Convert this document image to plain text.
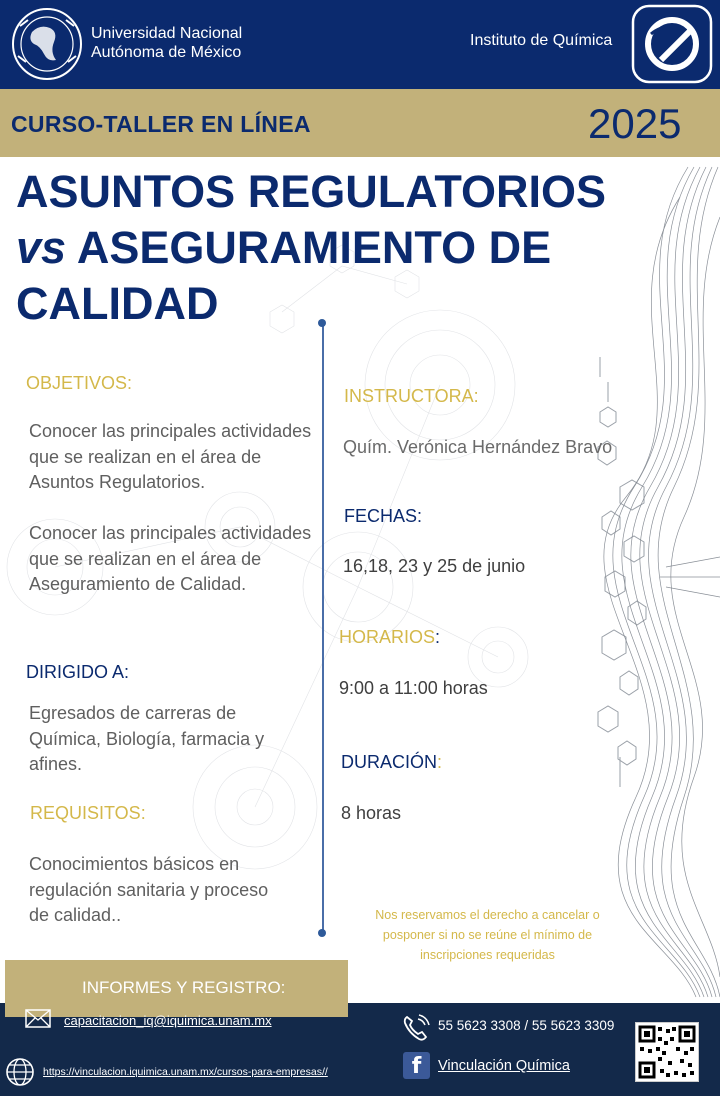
Universidad Nacional
Autónoma de México
Instituto de Química
CURSO-TALLER EN LÍNEA	2025
ASUNTOS REGULATORIOS
vs ASEGURAMIENTO DE
CALIDAD
OBJETIVOS:
Conocer las principales actividades que se realizan en el área de Asuntos Regulatorios.
Conocer las principales actividades que se realizan en el área de Aseguramiento de Calidad.
DIRIGIDO A:
Egresados de carreras de Química, Biología, farmacia y afines.
REQUISITOS:
Conocimientos básicos en regulación sanitaria y proceso de calidad..
INSTRUCTORA:
Quím. Verónica Hernández Bravo
FECHAS:
16,18, 23 y 25 de junio
HORARIOS:
9:00 a 11:00 horas
DURACIÓN:
8 horas
Nos reservamos el derecho a cancelar o posponer si no se reúne el mínimo de inscripciones requeridas
INFORMES Y REGISTRO:
capacitacion_iq@iquimica.unam.mx	55 5623 3308 / 55 5623 3309
f	Vinculación Química
https://vinculacion.iquimica.unam.mx/cursos-para-empresas//
